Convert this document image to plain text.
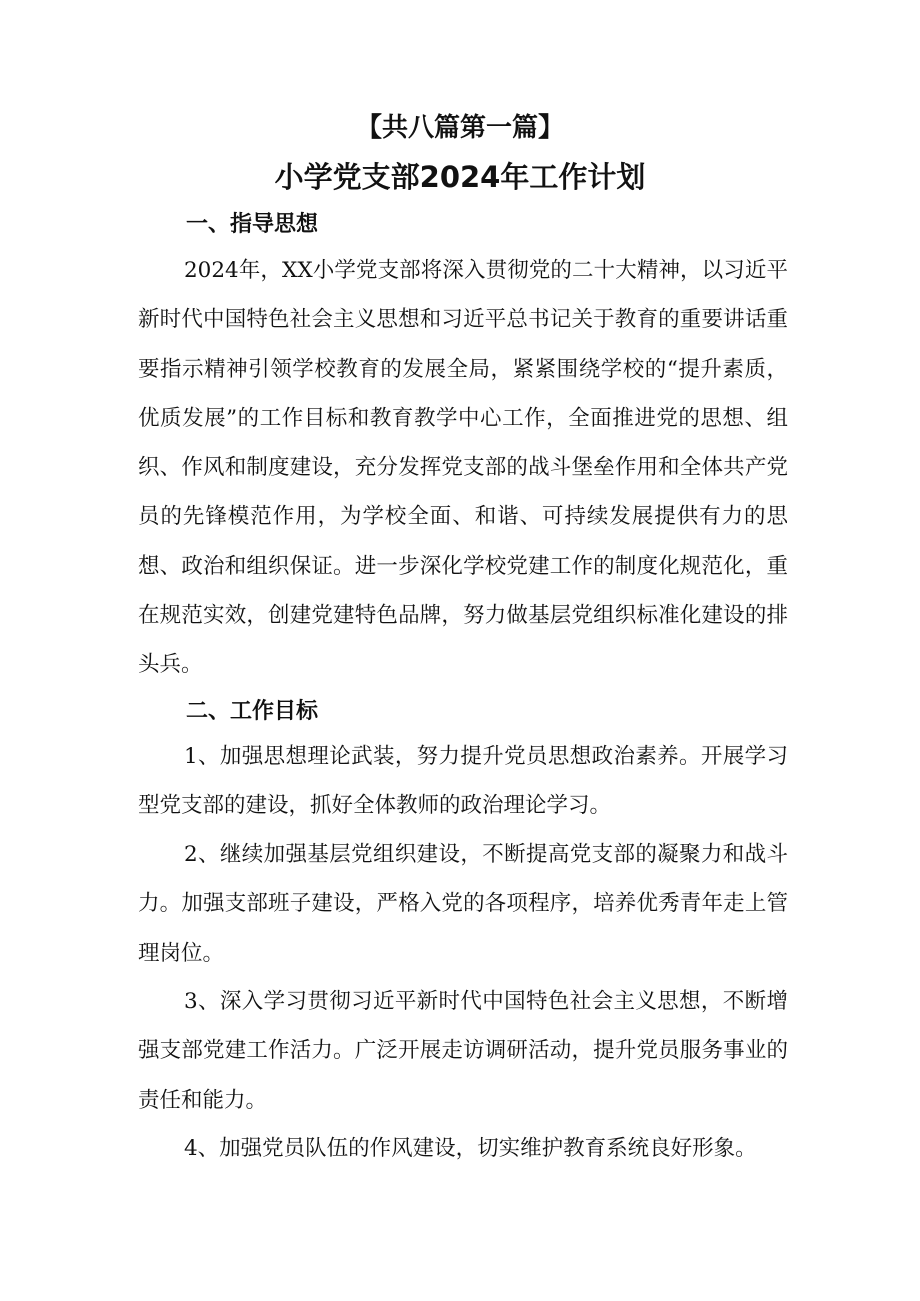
【共八篇第一篇】
小学党支部2024年工作计划
一、指导思想

2024年，XX小学党支部将深入贯彻党的二十大精神，以习近平新时代中国特色社会主义思想和习近平总书记关于教育的重要讲话重要指示精神引领学校教育的发展全局，紧紧围绕学校的“提升素质，优质发展”的工作目标和教育教学中心工作，全面推进党的思想、组织、作风和制度建设，充分发挥党支部的战斗堡垒作用和全体共产党员的先锋模范作用，为学校全面、和谐、可持续发展提供有力的思想、政治和组织保证。进一步深化学校党建工作的制度化规范化，重在规范实效，创建党建特色品牌，努力做基层党组织标准化建设的排头兵。

二、工作目标

1、加强思想理论武装，努力提升党员思想政治素养。开展学习型党支部的建设，抓好全体教师的政治理论学习。

2、继续加强基层党组织建设，不断提高党支部的凝聚力和战斗力。加强支部班子建设，严格入党的各项程序，培养优秀青年走上管理岗位。

3、深入学习贯彻习近平新时代中国特色社会主义思想，不断增强支部党建工作活力。广泛开展走访调研活动，提升党员服务事业的责任和能力。

4、加强党员队伍的作风建设，切实维护教育系统良好形象。
